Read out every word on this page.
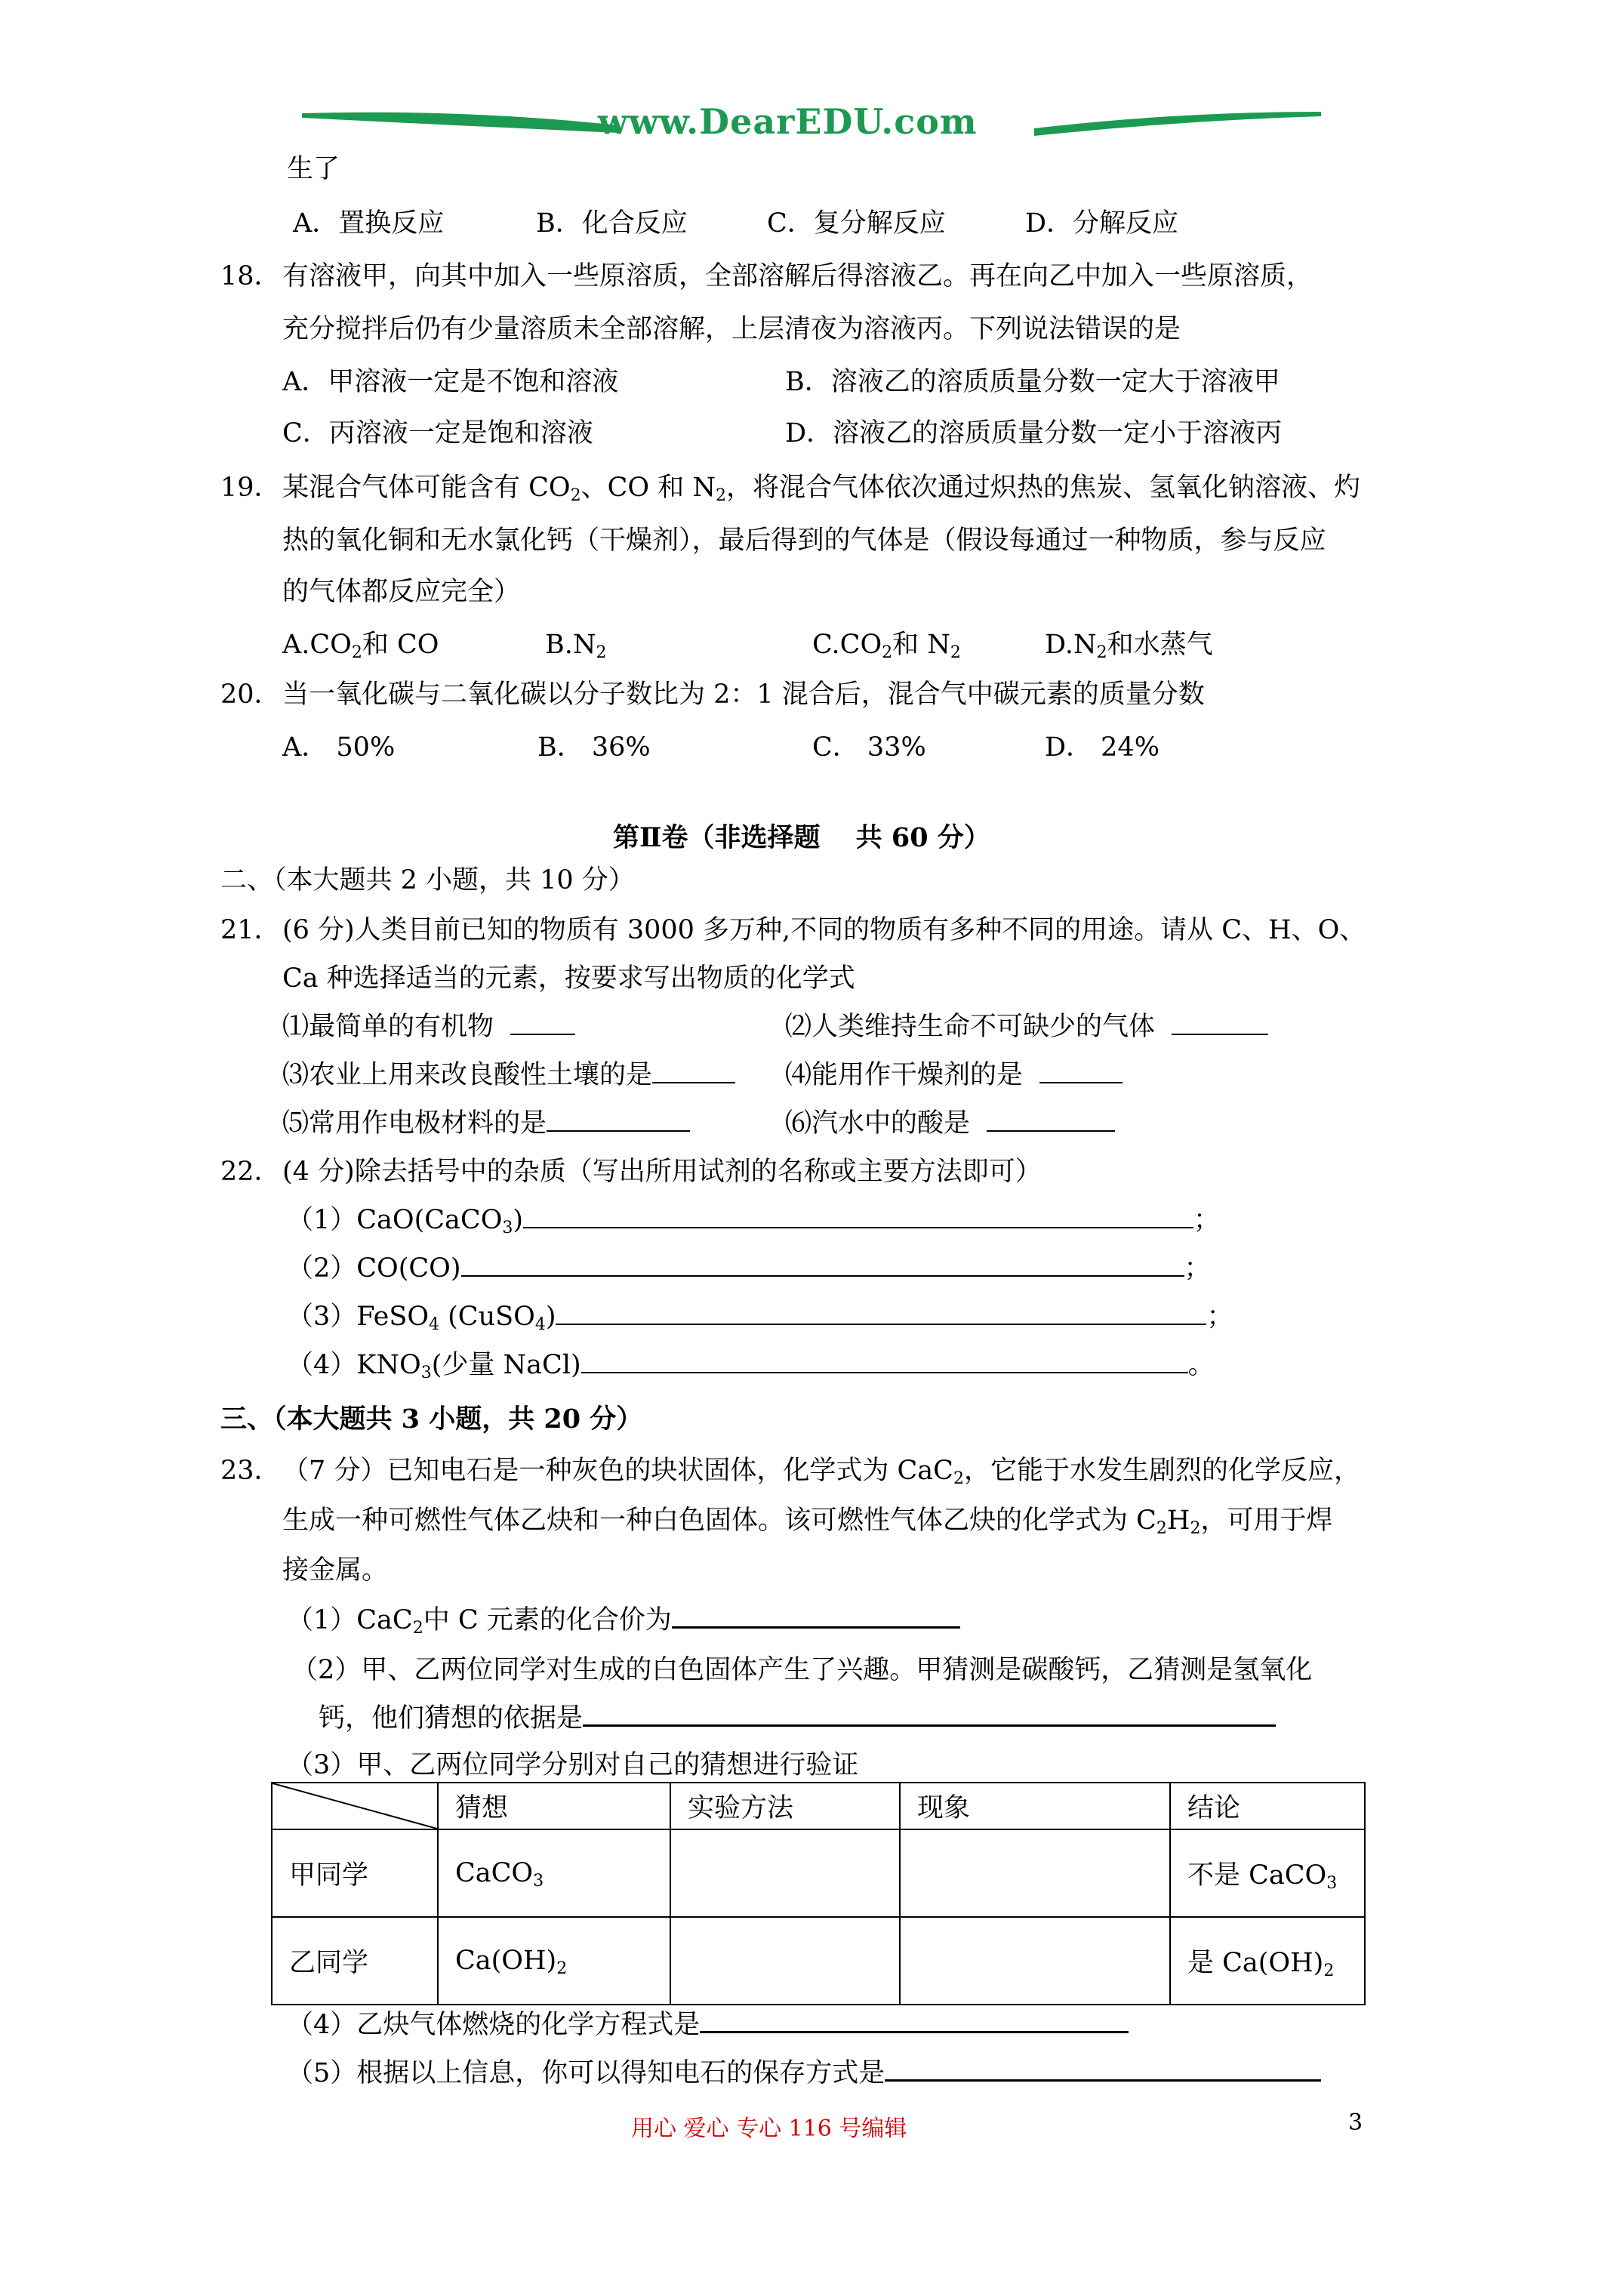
www.DearEDU.com
生了
A．置换反应	B．化合反应	C．复分解反应	D．分解反应
18． 有溶液甲，向其中加入一些原溶质，全部溶解后得溶液乙。再在向乙中加入一些原溶质，
充分搅拌后仍有少量溶质未全部溶解，上层清夜为溶液丙。下列说法错误的是
A．甲溶液一定是不饱和溶液	B．溶液乙的溶质质量分数一定大于溶液甲
C．丙溶液一定是饱和溶液	D．溶液乙的溶质质量分数一定小于溶液丙
19． 某混合气体可能含有 $CO_2$、CO 和 $N_2$，将混合气体依次通过炽热的焦炭、氢氧化钠溶液、灼
热的氧化铜和无水氯化钙（干燥剂），最后得到的气体是（假设每通过一种物质，参与反应
的气体都反应完全）
$A.CO_2$和 CO	$B.N_2$	$C.CO_2$和 $N_2$	$D.N_2$和水蒸气
20． 当一氧化碳与二氧化碳以分子数比为 2：1 混合后，混合气中碳元素的质量分数
A． 50%	B． 36%	C． 33%	D． 24%
第Ⅱ卷（非选择题　 共 60 分）
二、（本大题共 2 小题，共 10 分）
21． (6 分)人类目前已知的物质有 3000 多万种,不同的物质有多种不同的用途。请从 C、H、O、
Ca 种选择适当的元素，按要求写出物质的化学式
⑴最简单的有机物	⑵人类维持生命不可缺少的气体
⑶农业上用来改良酸性土壤的是	⑷能用作干燥剂的是
⑸常用作电极材料的是	⑹汽水中的酸是
22． (4 分)除去括号中的杂质（写出所用试剂的名称或主要方法即可）
（1）CaO(CaCO$_3$)	；
（2）CO(CO)	；
（3）FeSO$_4$ (CuSO$_4$)	；
$(4)KNO_3$(少量 NaCl)	。
三、（本大题共 3 小题，共 20 分）
23． （7 分）已知电石是一种灰色的块状固体，化学式为 CaC$_2$，它能于水发生剧烈的化学反应，
生成一种可燃性气体乙炔和一种白色固体。该可燃性气体乙炔的化学式为 $C_2H_2$，可用于焊
接金属。
（1）CaC$_2$中 C 元素的化合价为
（2）甲、乙两位同学对生成的白色固体产生了兴趣。甲猜测是碳酸钙，乙猜测是氢氧化
钙，他们猜想的依据是
（3）甲、乙两位同学分别对自己的猜想进行验证
	猜想	实验方法	现象	结论
甲同学	CaCO$_3$			不是 CaCO$_3$
乙同学	$Ca(OH)_2$			是 $Ca(OH)_2$
（4）乙炔气体燃烧的化学方程式是
（5）根据以上信息，你可以得知电石的保存方式是
用心 爱心 专心 116 号编辑	3
